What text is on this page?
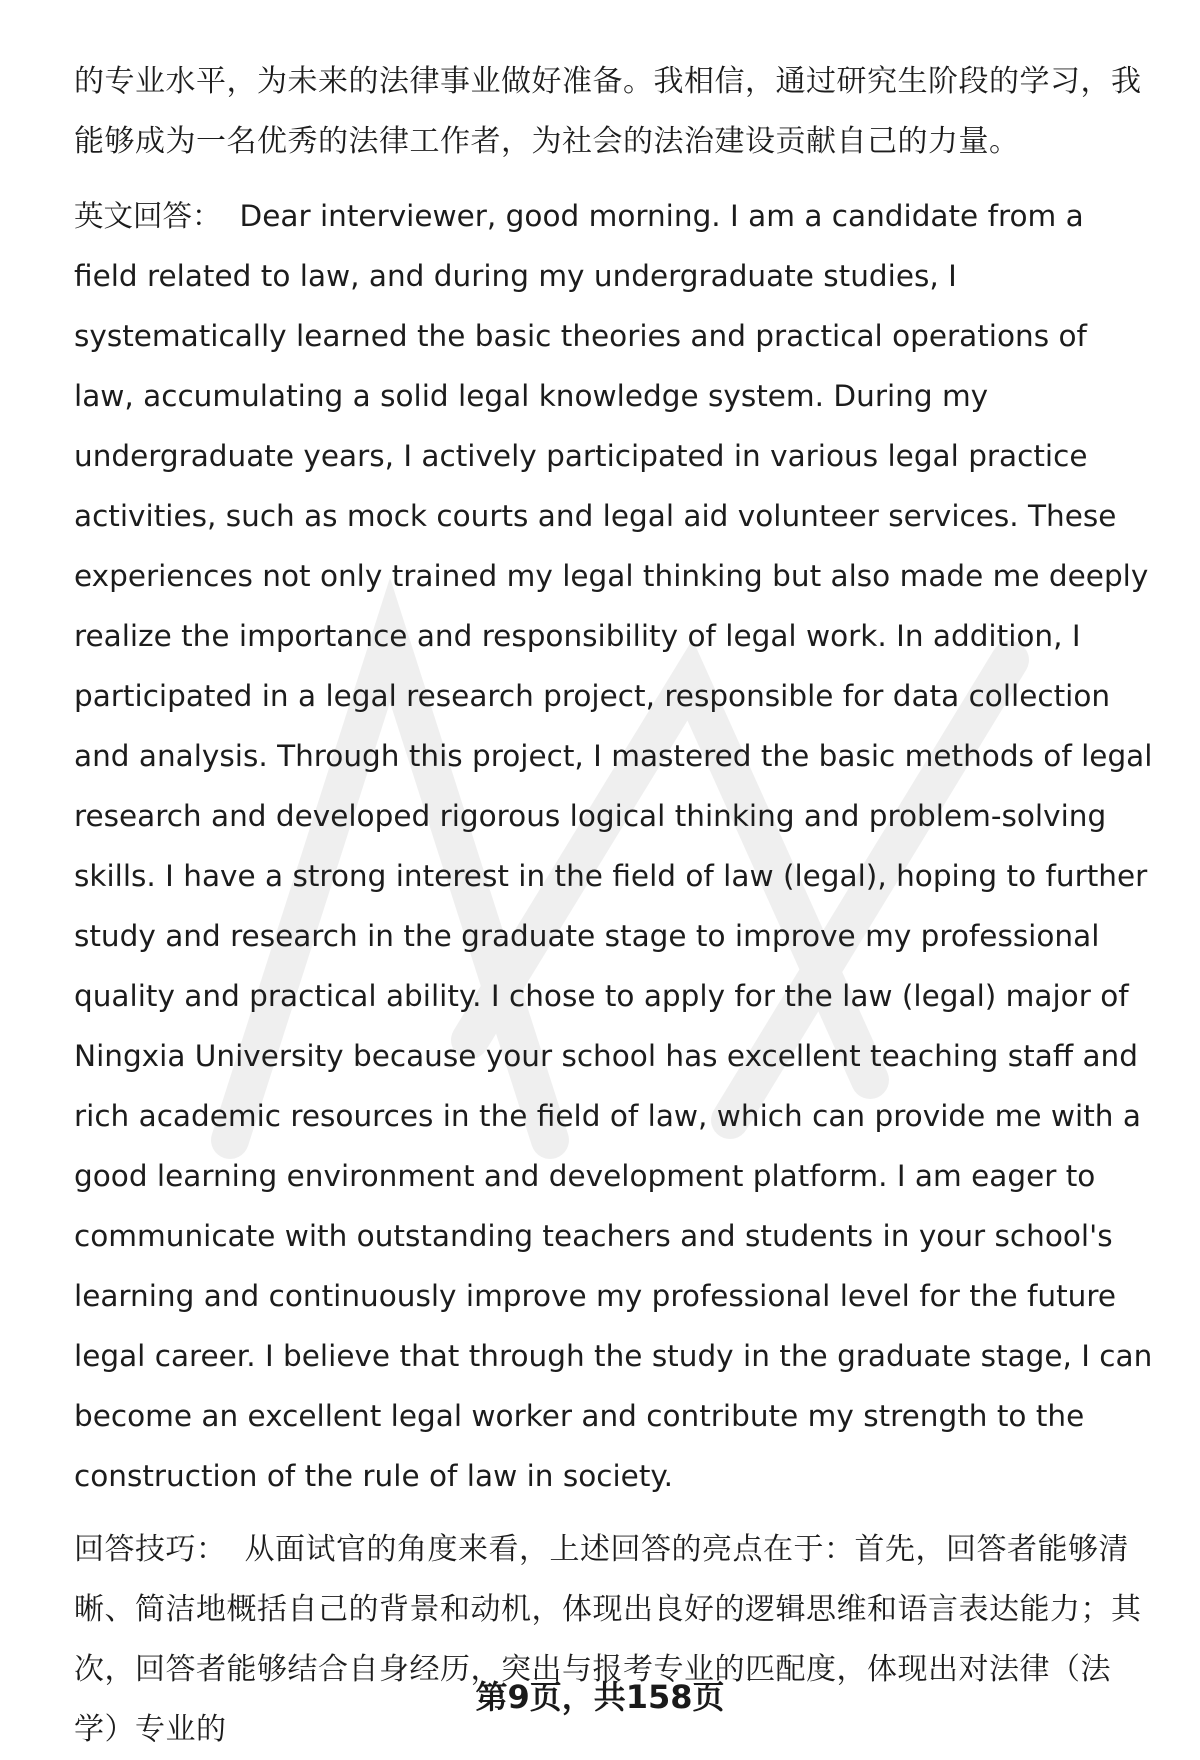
的专业水平，为未来的法律事业做好准备。我相信，通过研究生阶段的学习，我能够成为一名优秀的法律工作者，为社会的法治建设贡献自己的力量。

英文回答： Dear interviewer, good morning. I am a candidate from a field related to law, and during my undergraduate studies, I systematically learned the basic theories and practical operations of law, accumulating a solid legal knowledge system. During my undergraduate years, I actively participated in various legal practice activities, such as mock courts and legal aid volunteer services. These experiences not only trained my legal thinking but also made me deeply realize the importance and responsibility of legal work. In addition, I participated in a legal research project, responsible for data collection and analysis. Through this project, I mastered the basic methods of legal research and developed rigorous logical thinking and problem-solving skills. I have a strong interest in the field of law (legal), hoping to further study and research in the graduate stage to improve my professional quality and practical ability. I chose to apply for the law (legal) major of Ningxia University because your school has excellent teaching staff and rich academic resources in the field of law, which can provide me with a good learning environment and development platform. I am eager to communicate with outstanding teachers and students in your school's learning and continuously improve my professional level for the future legal career. I believe that through the study in the graduate stage, I can become an excellent legal worker and contribute my strength to the construction of the rule of law in society.

回答技巧： 从面试官的角度来看，上述回答的亮点在于：首先，回答者能够清晰、简洁地概括自己的背景和动机，体现出良好的逻辑思维和语言表达能力；其次，回答者能够结合自身经历，突出与报考专业的匹配度，体现出对法律（法学）专业的

第9页，共158页
